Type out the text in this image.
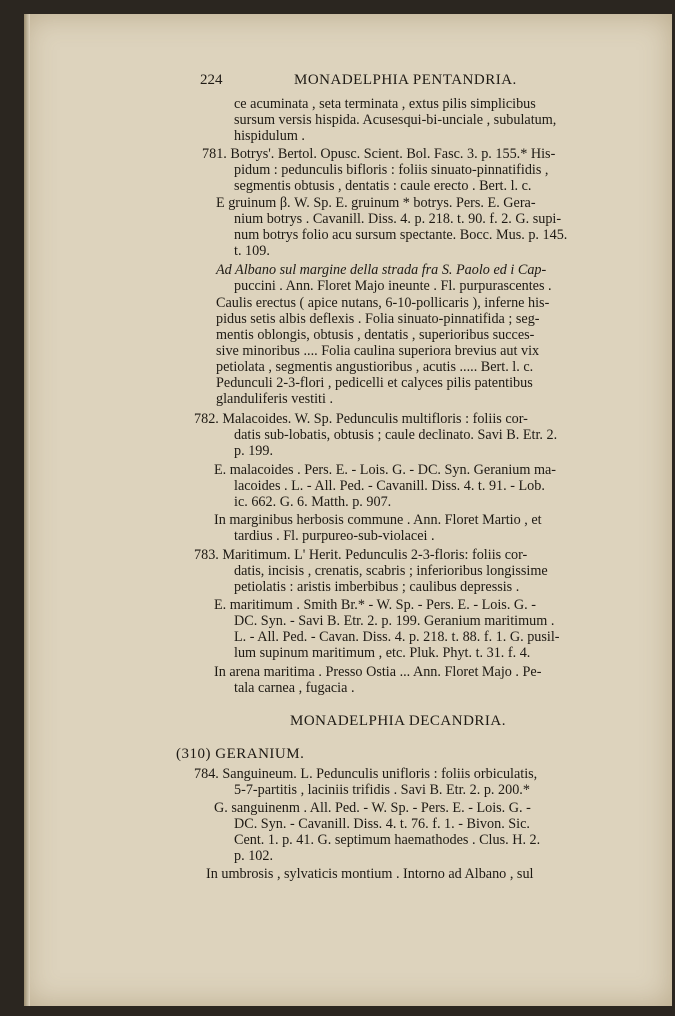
224	MONADELPHIA PENTANDRIA.
ce acuminata , seta terminata , extus pilis simplicibus
sursum versis hispida. Acusesqui-bi-unciale , subulatum,
hispidulum .
781. Botrys'. Bertol. Opusc. Scient. Bol. Fasc. 3. p. 155.* His-
pidum : pedunculis bifloris : foliis sinuato-pinnatifidis ,
segmentis obtusis , dentatis : caule erecto . Bert. l. c.
E gruinum β. W. Sp. E. gruinum * botrys. Pers. E. Gera-
nium botrys . Cavanill. Diss. 4. p. 218. t. 90. f. 2. G. supi-
num botrys folio acu sursum spectante. Bocc. Mus. p. 145.
t. 109.
Ad Albano sul margine della strada fra S. Paolo ed i Cap-
puccini . Ann. Floret Majo ineunte . Fl. purpurascentes .
Caulis erectus ( apice nutans, 6-10-pollicaris ), inferne his-
pidus setis albis deflexis . Folia sinuato-pinnatifida ; seg-
mentis oblongis, obtusis , dentatis , superioribus succes-
sive minoribus .... Folia caulina superiora brevius aut vix
petiolata , segmentis angustioribus , acutis ..... Bert. l. c.
Pedunculi 2-3-flori , pedicelli et calyces pilis patentibus
glanduliferis vestiti .
782. Malacoides. W. Sp. Pedunculis multifloris : foliis cor-
datis sub-lobatis, obtusis ; caule declinato. Savi B. Etr. 2.
p. 199.
E. malacoides . Pers. E. - Lois. G. - DC. Syn. Geranium ma-
lacoides . L. - All. Ped. - Cavanill. Diss. 4. t. 91. - Lob.
ic. 662. G. 6. Matth. p. 907.
In marginibus herbosis commune . Ann. Floret Martio , et
tardius . Fl. purpureo-sub-violacei .
783. Maritimum. L' Herit. Pedunculis 2-3-floris: foliis cor-
datis, incisis , crenatis, scabris ; inferioribus longissime
petiolatis : aristis imberbibus ; caulibus depressis .
E. maritimum . Smith Br.* - W. Sp. - Pers. E. - Lois. G. -
DC. Syn. - Savi B. Etr. 2. p. 199. Geranium maritimum .
L. - All. Ped. - Cavan. Diss. 4. p. 218. t. 88. f. 1. G. pusil-
lum supinum maritimum , etc. Pluk. Phyt. t. 31. f. 4.
In arena maritima . Presso Ostia ... Ann. Floret Majo . Pe-
tala carnea , fugacia .
MONADELPHIA DECANDRIA.
(310) GERANIUM.
784. Sanguineum. L. Pedunculis unifloris : foliis orbiculatis,
5-7-partitis , laciniis trifidis . Savi B. Etr. 2. p. 200.*
G. sanguinenm . All. Ped. - W. Sp. - Pers. E. - Lois. G. -
DC. Syn. - Cavanill. Diss. 4. t. 76. f. 1. - Bivon. Sic.
Cent. 1. p. 41. G. septimum haemathodes . Clus. H. 2.
p. 102.
In umbrosis , sylvaticis montium . Intorno ad Albano , sul
